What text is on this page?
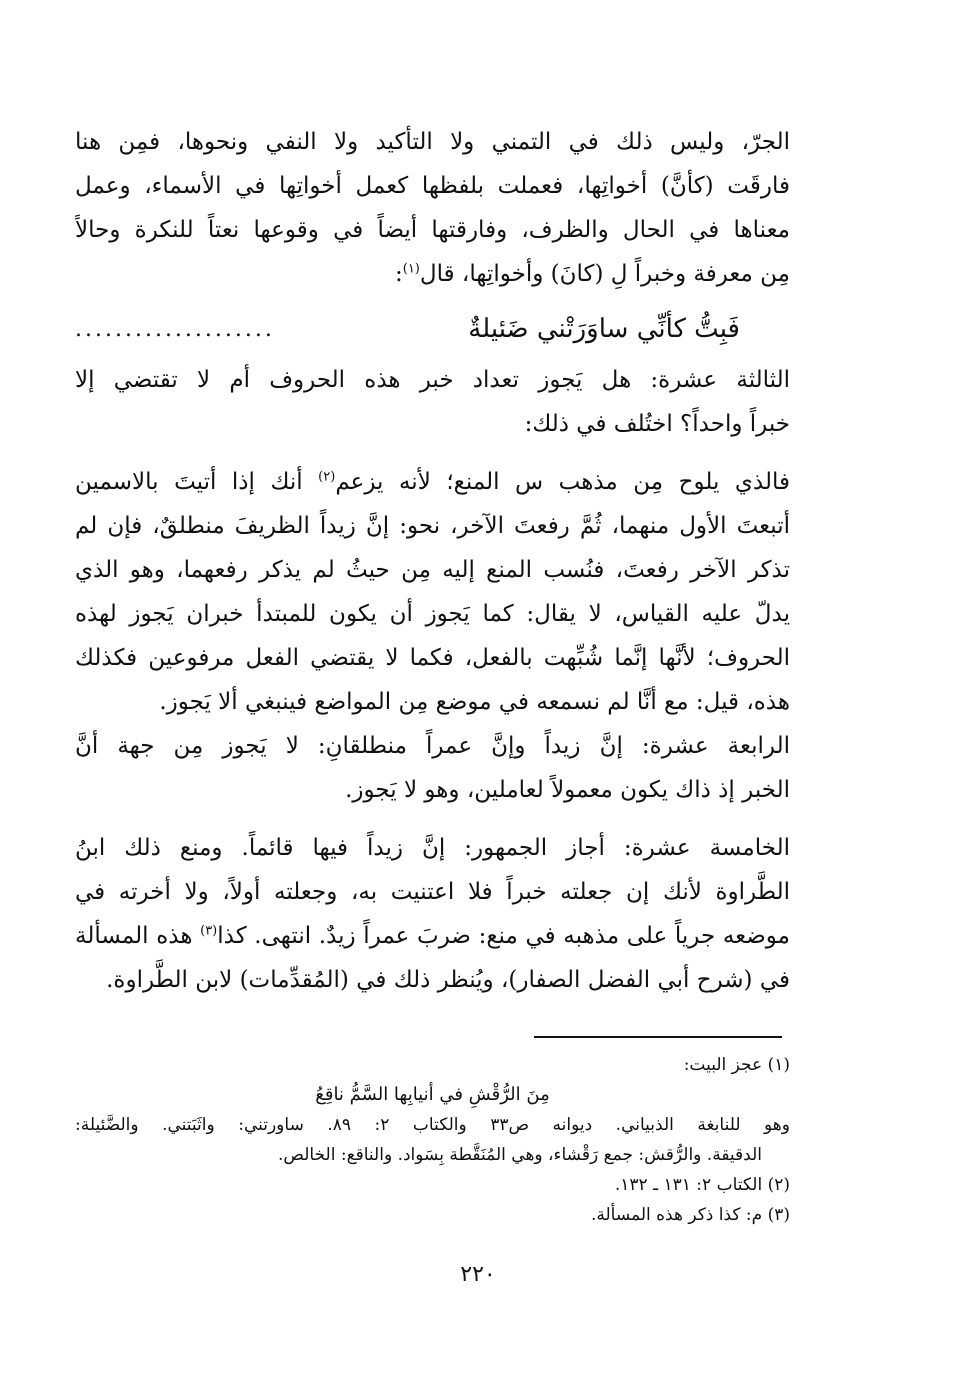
الجرّ، وليس ذلك في التمني ولا التأكيد ولا النفي ونحوها، فمِن هنا
فارقَت (كأنَّ) أخواتِها، فعملت بلفظها كعمل أخواتِها في الأسماء، وعمل
معناها في الحال والظرف، وفارقتها أيضاً في وقوعها نعتاً للنكرة وحالاً
مِن معرفة وخبراً لِ (كانَ) وأخواتِها، قال$^{(١)}$:
فَبِتُّ كأنِّي ساوَرَتْني ضَئيلةٌ
....................
الثالثة عشرة: هل يَجوز تعداد خبر هذه الحروف أم لا تقتضي إلا
خبراً واحداً؟ اختُلف في ذلك:
فالذي يلوح مِن مذهب س المنع؛ لأنه يزعم$^{(٢)}$ أنك إذا أتيتَ بالاسمين
أتبعتَ الأول منهما، ثُمَّ رفعتَ الآخر، نحو: إنَّ زيداً الظريفَ منطلقٌ، فإن لم
تذكر الآخر رفعتَ، فنُسب المنع إليه مِن حيثُ لم يذكر رفعهما، وهو الذي
يدلّ عليه القياس، لا يقال: كما يَجوز أن يكون للمبتدأ خبران يَجوز لهذه
الحروف؛ لأنَّها إنَّما شُبِّهت بالفعل، فكما لا يقتضي الفعل مرفوعين فكذلك
هذه، قيل: مع أنَّا لم نسمعه في موضع مِن المواضع فينبغي ألا يَجوز.
الرابعة عشرة: إنَّ زيداً وإنَّ عمراً منطلقانِ: لا يَجوز مِن جهة أنَّ
الخبر إذ ذاك يكون معمولاً لعاملين، وهو لا يَجوز.
الخامسة عشرة: أجاز الجمهور: إنَّ زيداً فيها قائماً. ومنع ذلك ابنُ
الطَّراوة لأنك إن جعلته خبراً فلا اعتنيت به، وجعلته أولاً، ولا أخرته في
موضعه جرياً على مذهبه في منع: ضربَ عمراً زيدٌ. انتهى. كذا$^{(٣)}$ هذه المسألة
في (شرح أبي الفضل الصفار)، ويُنظر ذلك في (المُقدِّمات) لابن الطَّراوة.
(١) عجز البيت:
مِنَ الرُّقْشِ في أنيابِها السَّمُّ ناقِعُ
وهو للنابغة الذبياني. ديوانه ص٣٣ والكتاب ٢: ٨٩. ساورتني: واثَبَتني. والضَّئيلة:
الدقيقة. والرُّقش: جمع رَقْشاء، وهي المُنَقَّطة بِسَواد. والناقع: الخالص.
(٢) الكتاب ٢: ١٣١ ـ ١٣٢.
(٣) م: كذا ذكر هذه المسألة.
٢٢٠
